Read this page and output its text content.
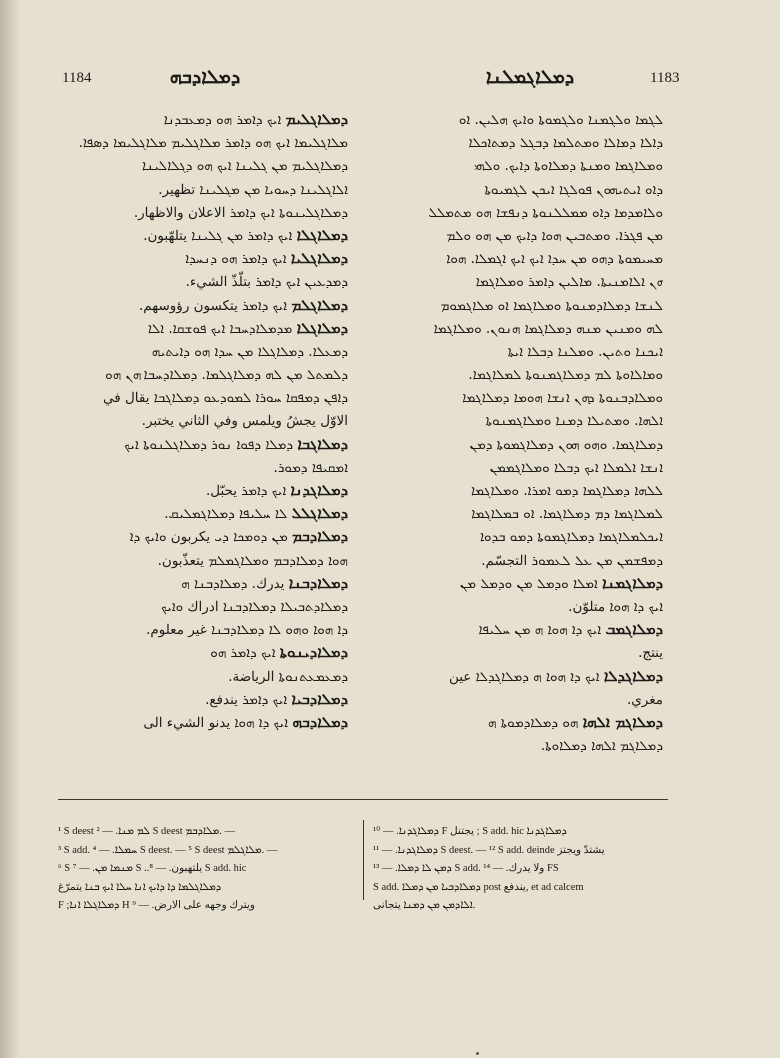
1184	ܕܡܠܐܕܒܗ	ܕܡܠܐܓܡܠܢܐ	1183
ܕܡܠܐܓܠܝܡ ܐܝܟ ܕܐܡܪ ܗܘ ܕܡܥܒܕܢܐ
ܡܠܐܓܠܝܡܐ ܐܝܟ ܗܘ ܕܐܡܪ ܡܠܐܓܠܝܡ ܡܠܐܓܠܝܡܐ ܕܣܦܐ.
ܕܡܠܐܓܠܝܡ ܡܢ ܓܠܝܢܐ ܐܝܟ ܗܘ ܕܓܠܐܠܝܢܐ
ܐܠܐܓܠܝܢܐ ܕܚܘܝܐ ܡܢ ܡܓܠܝܢܐ تظهير.
ܕܡܠܐܓܠܝܢܘܬܐ ܐܝܟ ܕܐܡܪ الاعلان والاظهار.
ܕܡܠܐܓܠܐ ܐܝܟ ܕܐܡܪ ܡܢ ܓܠܝܢܐ يتلهّبون.
ܕܡܠܐܓܠܝܐ ܐܝܟ ܕܐܡܪ ܗܘ ܕܢܚܕܐ
ܕܡܕܥܝܢ ܐܝܟ ܕܐܡܪ بتلّذّ الشيء.
ܕܡܠܐܓܠܡ ܐܝܟ ܕܐܡܪ يتكسون رؤوسهم.
ܕܡܠܐܓܠܐ ܡܕܡܠܐܕܚܒܐ ܐܝܟ ܦܘܫܩܐ. ܐܠܐ
ܕܡܥܠܐ. ܕܡܠܐܓܠܐ ܡܢ ܚܕܐ ܗܘ ܕܐܝܬܝܗ
ܕܠܡܬܠ ܡܢ ܠܗ ܕܡܠܐܓܠܡܐ. ܕܡܠܐܕܚܒܐ ܗܢ ܗܘ
ܕܐܦܢ ܕܡܦܩܐ ܚܘܪܐ ܠܡܘܕܥܘ ܕܡܠܐܓܒܐ يقال في
الاوّل يجشُ ويلمس وفي الثاني يختبر.
ܕܡܠܐܓܒܐ ܕܡܠܐ ܕܦܘܐ ܢܘܪ ܕܡܠܐܓܠܢܘܬܐ ܐܝܟ
ܐܡܩܝܦܐ ܕܡܘܪ.
ܕܡܠܐܓܕܢܐ ܐܝܟ ܕܐܡܪ يحبّل.
ܕܡܠܐܓܠܠ ܠܐ ܚܠܝܦܐ ܕܡܠܐܓܡܠܝܩ.
ܕܡܠܐܕܒܡ ܡܢ ܕܘܡܟܐ ܕܝ يكربون ܘܐܝܟ ܕܐ
ܗܘܐ ܕܡܠܐܕܒܡ ܘܡܠܐܓܡܠܡ يتعذّبون.
ܕܡܠܐܕܒܢܐ يدرك. ܕܡܠܐܕܒܢܐ ܗ
ܕܡܠܐܕܬܒܝܠܐ ܕܡܠܐܕܒܢܐ ادراك ܘܐܝܟ
ܕܐ ܗܘܐ ܘܗܘ ܠܐ ܕܡܠܐܕܒܢܐ غير معلوم.
ܕܡܠܐܕܝܢܘܬܐ ܐܝܟ ܕܐܡܪ ܗܘ
ܕܡܥܡܥܬܢܘܬܐ الرياضة.
ܕܡܠܐܕܒܝܐ ܐܝܟ ܕܐܡܪ يندفع.
ܕܡܠܐܕܒܗ ܐܝܟ ܕܐ ܗܘܐ يدنو الشيء الى
ܠܓܡܐ ܘܠܓܡܢܐ ܘܠܓܡܘܬܐ ܘܐܝܟ ܗܠܝܢ. ܐܘ
ܕܐܠܐ ܕܡܐܠܐ ܘܡܬܠܡܐ ܕܒܓܠ ܕܡܬܐܟܠܐ
ܘܡܠܐܓܡܐ ܘܡܢܬܐ ܕܡܠܐܘܬܐ ܕܐܝܟ. ܘܠܗܝ
ܕܐܘ ܐܝܬܝܗܘܢ ܦܘܠܓܐ ܐܝܟܢ ܠܓܡܝܘܬܐ
ܘܠܐܡܕܡܐ ܕܐܘ ܡܡܠܠܢܘܬܐ ܕܢܦܫܐ ܗܘ ܡܬܡܠܠ
ܡܢ ܦܓܪܐ. ܘܡܬܒܝܢ ܗܘܐ ܕܐܝܟ ܡܢ ܗܘ ܘܠܡ
ܡܚܝܡܘܬܐ ܕܗܘ ܡܢ ܚܕܐ ܐܝܟ ܐܝܟ ܐܓܡܠܐ. ܗܘܐ
ܗܢ ܐܠܐܡܢܝܬܐ. ܡܐܠܝܢ ܕܐܡܪ ܘܡܠܐܓܡܐ
ܠܢܫܐ ܕܡܠܐܕܡܢܘܬܐ ܘܡܠܐܓܡܐ ܐܘ ܡܠܐܓܡܘܡ
ܠܗ ܘܡܢܝܢ ܡܢܗ ܕܡܠܐܓܡܐ ܗܢܘܢ. ܘܡܠܐܓܡܐ
ܐܝܟܢܐ ܘܬܝܢ. ܘܡܠܢܐ ܕܒܠܐ ܐܝܬܐ
ܘܡܐܠܐܘܬܐ ܠܡ ܕܡܠܐܓܡܢܘܬܐ ܠܡܠܐܓܡܐ.
ܘܡܠܐܕܒܢܘܬܐ ܕܗܢ ܐܢܫܐ ܗܘܡܐ ܕܡܠܐܓܡܐ
ܐܠܗܐ. ܘܡܬܝܠܐ ܕܡܢܐ ܘܡܠܐܓܡܢܘܬܐ
ܕܡܠܐܓܡܐ. ܘܗܘ ܗܘܢ ܕܡܠܐܓܡܘܬܐ ܕܡܢ
ܐܢܫܐ ܐܠܡܠܐ ܐܝܟ ܕܒܠܐ ܘܡܠܐܓܡܡܢ
ܠܠܗܐ ܕܡܠܐܓܡܐ ܕܡܘ ܐܡܪܐ. ܘܡܠܐܓܡܐ
ܠܡܠܐܓܡܐ ܕܡ ܕܡܠܐܓܡܐ. ܐܘ ܒܡܠܐܓܡܐ
ܐܝܟܠܡܠܐܓܡܐ ܕܡܠܐܓܡܘܬܐ ܕܡܘ ܒܕܘܐ
ܕܡܦܫܡܢ ܡܢ ܥܠ ܠܥܡܘܪ التجسّم.
ܕܡܠܐܓܡܢܐ ܐܡܠܐ ܘܕܡܠ ܡܢ ܘܕܡܠ ܡܢ
ܐܝܟ ܕܐ ܗܘܐ متلوّن.
ܕܡܠܐܓܡܒ ܐܝܟ ܕܐ ܗܘܐ ܗ ܡܢ ܚܠܝܦܐ
ينتج.
ܕܡܠܐܓܕܠܐ ܐܝܟ ܕܐ ܗܘܐ ܗ ܕܡܠܐܓܕܠܐ عين
مغري.
ܕܡܠܐܓܡ ܐܠܗܐ ܗܘ ܕܡܠܐܕܡܘܬܐ ܗ
ܕܡܠܐܓܡ ܐܠܗܐ ܕܡܠܐܘܬܐ.
¹ S deest ܠܡ ܡܢܐ. — ² S deest ܡܠܐܕܒܡ. —
³ S add. ܚܡܠܐ. — ⁴ S deest. — ⁵ S deest ܡܠܐܓܠܡ. —
⁶ S ܡܢܡܐ ܡܢ. — ⁷ S ..يلتهبون. — ⁸ S add. hic
ܕܡܠܐܓܠܡܐ ܕܐ ܕܐܝܟ ܐܢܐ ܚܠܐ ܐܝܟ ܒܢܐ يتمرّغ
F ;ܕܡܠܐܓܠܐ ܐܢܐ H ⁹ — .ويترك وجهه على الارض
ܕܡܠܐܓܕܢܐ. — ¹⁰ F يجتنل ; S add. hic ܕܡܠܐܓܕܢܐ
ܕܡܠܐܓܕܢܐ. — ¹¹ S deest. — ¹² S add. deinde يشتدّ ويجتز
ܕܡܢ ܠܐ ܕܡܠܐ. — ¹³ S add. ولا يدرك. — ¹⁴ FS
S add. ܕܡܠܐܕܒܝܐ ܡܢ ܕܡܠܐ post يندفع, et ad calcem
ܐܠܐܕܡܢ ܡܢ ܕܡܢܐ يتجانى.
